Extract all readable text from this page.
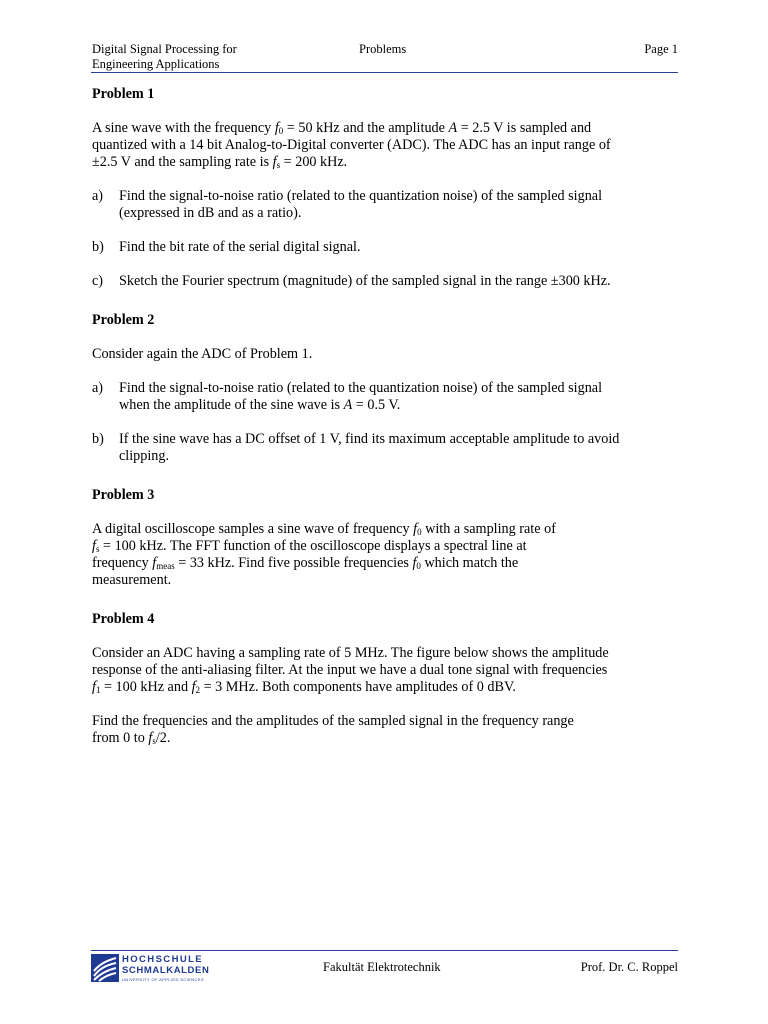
Digital Signal Processing for
Engineering Applications
Problems	Page 1

Problem 1

A sine wave with the frequency $f_0 = 50$ kHz and the amplitude A = 2.5 V is sampled and
quantized with a 14 bit Analog-to-Digital converter (ADC). The ADC has an input range of
±2.5 V and the sampling rate is $f_s = 200$ kHz.

a)	Find the signal-to-noise ratio (related to the quantization noise) of the sampled signal
(expressed in dB and as a ratio).
b)	Find the bit rate of the serial digital signal.
c)	Sketch the Fourier spectrum (magnitude) of the sampled signal in the range ±300 kHz.

Problem 2

Consider again the ADC of Problem 1.

a)	Find the signal-to-noise ratio (related to the quantization noise) of the sampled signal
when the amplitude of the sine wave is A = 0.5 V.
b)	If the sine wave has a DC offset of 1 V, find its maximum acceptable amplitude to avoid
clipping.

Problem 3

A digital oscilloscope samples a sine wave of frequency $f_0$ with a sampling rate of
$f_s = 100$ kHz. The FFT function of the oscilloscope displays a spectral line at
frequency $f_{meas} = 33$ kHz. Find five possible frequencies $f_0$ which match the
measurement.

Problem 4

Consider an ADC having a sampling rate of 5 MHz. The figure below shows the amplitude
response of the anti-aliasing filter. At the input we have a dual tone signal with frequencies
$f_1 = 100$ kHz and $f_2 = 3$ MHz. Both components have amplitudes of 0 dBV.

Find the frequencies and the amplitudes of the sampled signal in the frequency range
from 0 to $f_s/2$.

HOCHSCHULE
SCHMALKALDEN
UNIVERSITY OF APPLIED SCIENCES
Fakultät Elektrotechnik	Prof. Dr. C. Roppel
